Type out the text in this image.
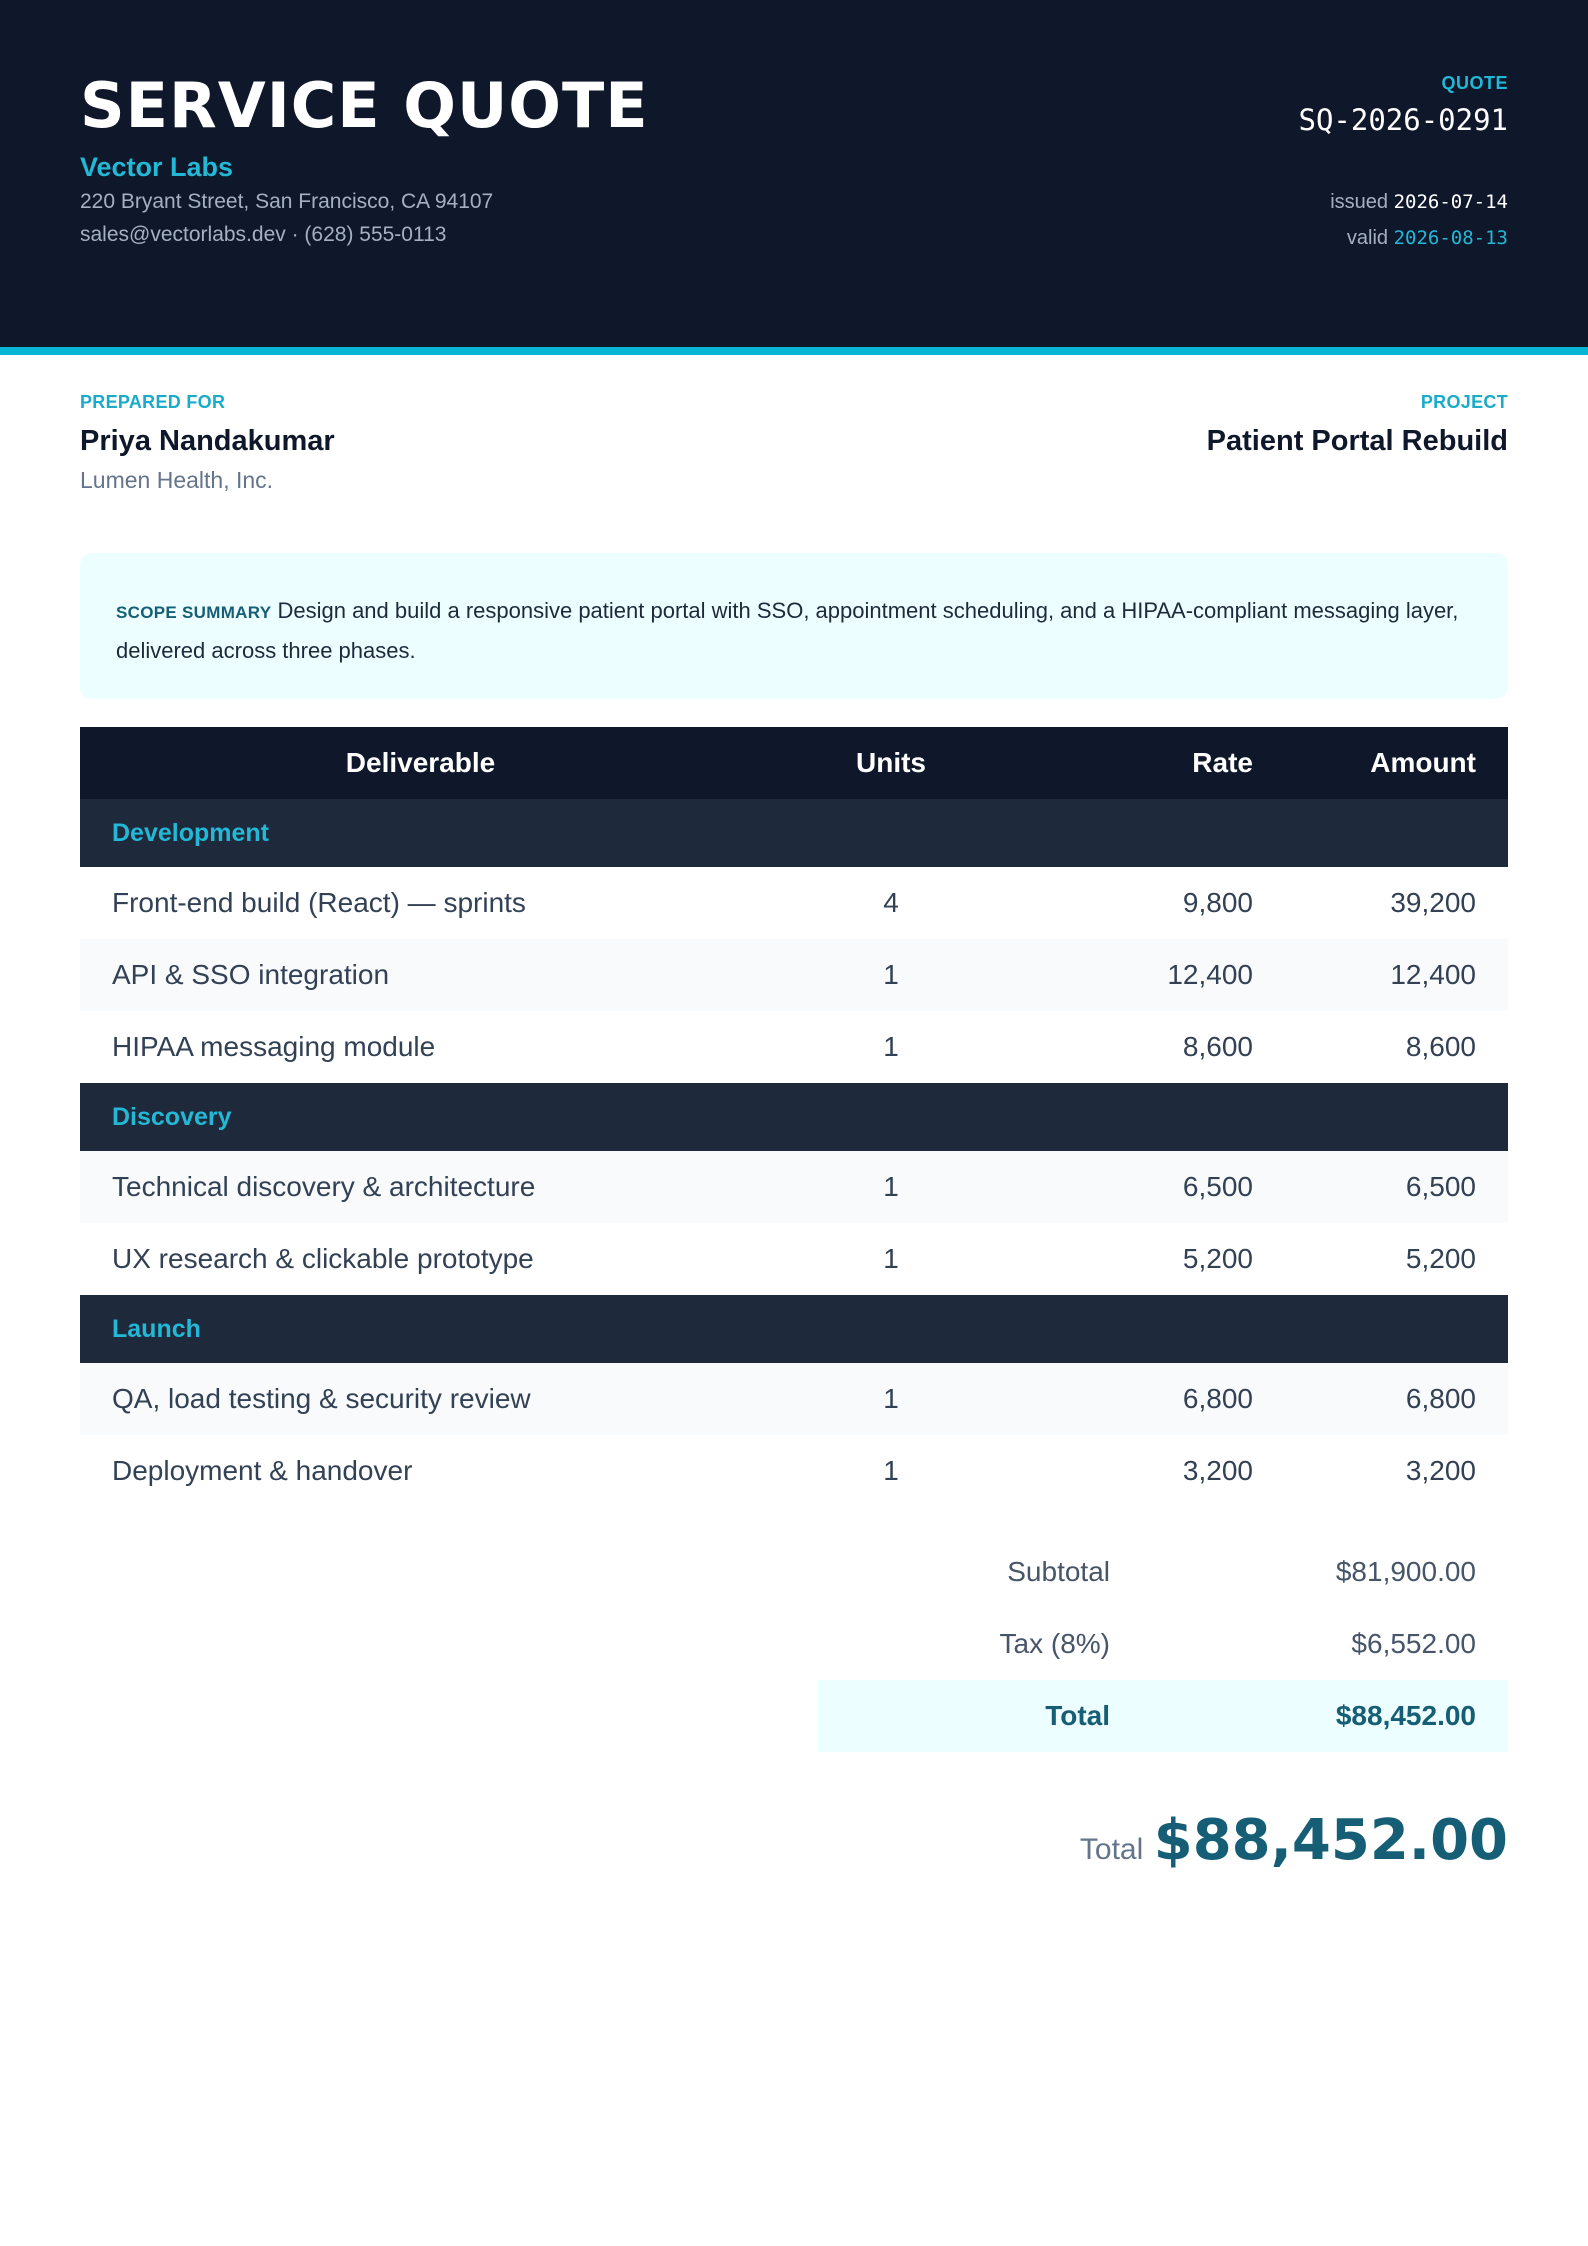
SERVICE QUOTE
Vector Labs
220 Bryant Street, San Francisco, CA 94107
sales@vectorlabs.dev · (628) 555-0113
QUOTE
SQ-2026-0291
issued 2026-07-14
valid 2026-08-13
PREPARED FOR
Priya Nandakumar
Lumen Health, Inc.
PROJECT
Patient Portal Rebuild
SCOPE SUMMARY Design and build a responsive patient portal with SSO, appointment scheduling, and a HIPAA-compliant messaging layer, delivered across three phases.
Deliverable	Units	Rate	Amount
Development			
Front-end build (React) — sprints	4	9,800	39,200
API & SSO integration	1	12,400	12,400
HIPAA messaging module	1	8,600	8,600
Discovery			
Technical discovery & architecture	1	6,500	6,500
UX research & clickable prototype	1	5,200	5,200
Launch			
QA, load testing & security review	1	6,800	6,800
Deployment & handover	1	3,200	3,200
Subtotal	$81,900.00
Tax (8%)	$6,552.00
Total	$88,452.00
Total $88,452.00
